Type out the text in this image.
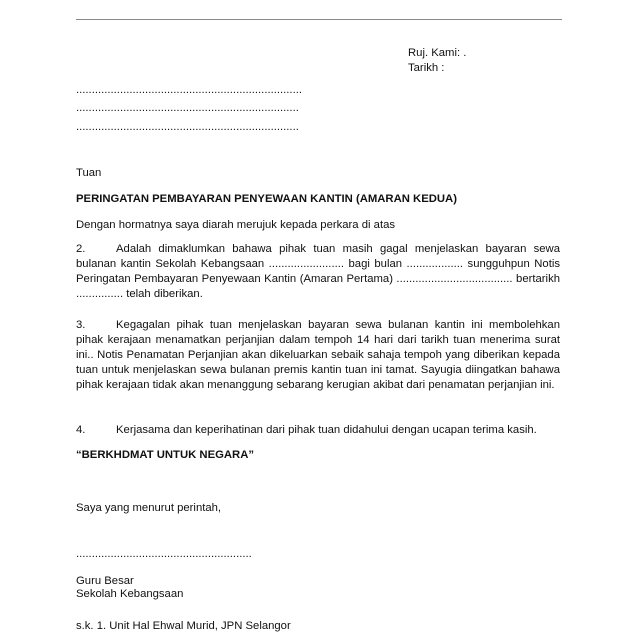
Ruj. Kami: .
Tarikh :
........................................................................
.......................................................................
.......................................................................
Tuan
PERINGATAN PEMBAYARAN PENYEWAAN KANTIN (AMARAN KEDUA)
Dengan hormatnya saya diarah merujuk kepada perkara di atas
2.	Adalah dimaklumkan bahawa pihak tuan masih gagal menjelaskan bayaran sewa bulanan kantin Sekolah Kebangsaan ........................ bagi bulan .................. sungguhpun Notis Peringatan Pembayaran Penyewaan Kantin (Amaran Pertama) ..................................... bertarikh ............... telah diberikan.
3.	Kegagalan pihak tuan menjelaskan bayaran sewa bulanan kantin ini membolehkan pihak kerajaan menamatkan perjanjian dalam tempoh 14 hari dari tarikh tuan menerima surat ini.. Notis Penamatan Perjanjian akan dikeluarkan sebaik sahaja tempoh yang diberikan kepada tuan untuk menjelaskan sewa bulanan premis kantin tuan ini tamat. Sayugia diingatkan bahawa pihak kerajaan tidak akan menanggung sebarang kerugian akibat dari penamatan perjanjian ini.
4.	Kerjasama dan keperihatinan dari pihak tuan didahului dengan ucapan terima kasih.
“BERKHDMAT UNTUK NEGARA”
Saya yang menurut perintah,
........................................................
Guru Besar
Sekolah Kebangsaan
s.k. 1. Unit Hal Ehwal Murid, JPN Selangor
